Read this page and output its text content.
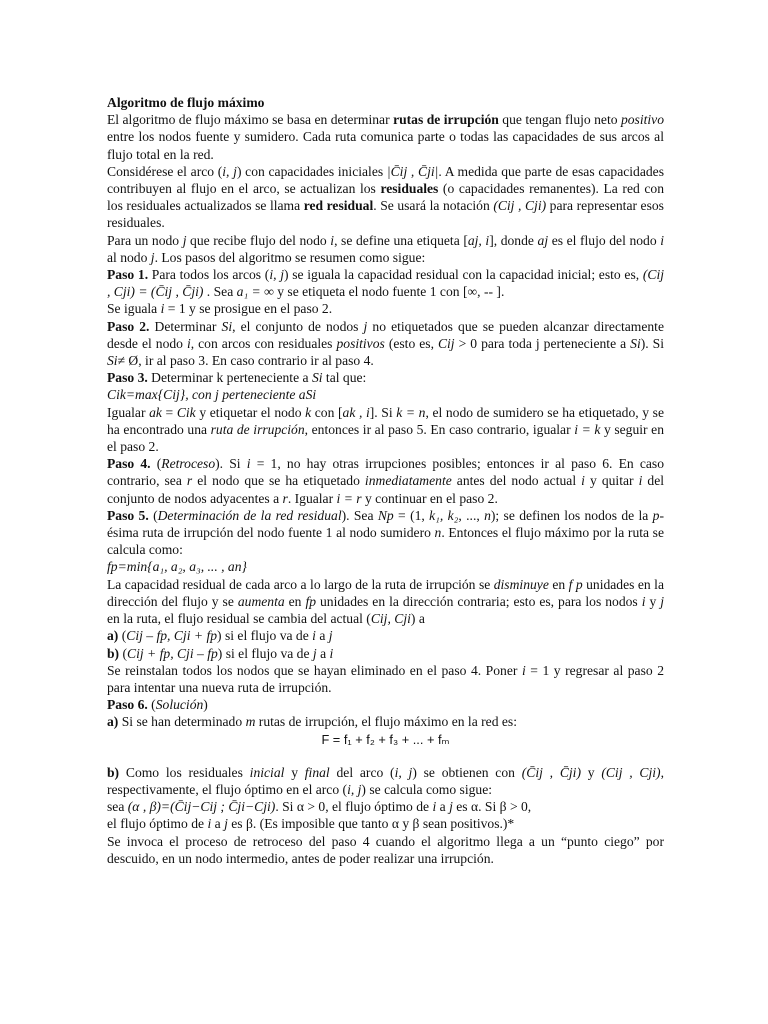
Algoritmo de flujo máximo

El algoritmo de flujo máximo se basa en determinar rutas de irrupción que tengan flujo neto positivo entre los nodos fuente y sumidero. Cada ruta comunica parte o todas las capacidades de sus arcos al flujo total en la red.

Considérese el arco (i, j) con capacidades iniciales |C̄ij , C̄ji|. A medida que parte de esas capacidades contribuyen al flujo en el arco, se actualizan los residuales (o capacidades remanentes). La red con los residuales actualizados se llama red residual. Se usará la notación (Cij , Cji) para representar esos residuales.

Para un nodo j que recibe flujo del nodo i, se define una etiqueta [aj, i], donde aj es el flujo del nodo i al nodo j. Los pasos del algoritmo se resumen como sigue:

Paso 1. Para todos los arcos (i, j) se iguala la capacidad residual con la capacidad inicial; esto es, (Cij , Cji) = (C̄ij , C̄ji) . Sea a₁ = ∞ y se etiqueta el nodo fuente 1 con [∞, -- ].

Se iguala i = 1 y se prosigue en el paso 2.

Paso 2. Determinar Si, el conjunto de nodos j no etiquetados que se pueden alcanzar directamente desde el nodo i, con arcos con residuales positivos (esto es, Cij > 0 para toda j perteneciente a Si). Si Si≠ Ø, ir al paso 3. En caso contrario ir al paso 4.

Paso 3. Determinar k perteneciente a Si tal que:

Cik=max{Cij}, con j perteneciente aSi

Igualar ak = Cik y etiquetar el nodo k con [ak , i]. Si k = n, el nodo de sumidero se ha etiquetado, y se ha encontrado una ruta de irrupción, entonces ir al paso 5. En caso contrario, igualar i = k y seguir en el paso 2.

Paso 4. (Retroceso). Si i = 1, no hay otras irrupciones posibles; entonces ir al paso 6. En caso contrario, sea r el nodo que se ha etiquetado inmediatamente antes del nodo actual i y quitar i del conjunto de nodos adyacentes a r. Igualar i = r y continuar en el paso 2.

Paso 5. (Determinación de la red residual). Sea Np = (1, k₁, k₂, ..., n); se definen los nodos de la p-ésima ruta de irrupción del nodo fuente 1 al nodo sumidero n. Entonces el flujo máximo por la ruta se calcula como:

fp=min{a₁, a₂, a₃, ... , an}

La capacidad residual de cada arco a lo largo de la ruta de irrupción se disminuye en f p unidades en la dirección del flujo y se aumenta en fp unidades en la dirección contraria; esto es, para los nodos i y j en la ruta, el flujo residual se cambia del actual (Cij, Cji) a

a) (Cij – fp, Cji + fp) si el flujo va de i a j

b) (Cij + fp, Cji – fp) si el flujo va de j a i

Se reinstalan todos los nodos que se hayan eliminado en el paso 4. Poner i = 1 y regresar al paso 2 para intentar una nueva ruta de irrupción.

Paso 6. (Solución)

a) Si se han determinado m rutas de irrupción, el flujo máximo en la red es:

F = f₁ + f₂ + f₃ + ... + fₘ

b) Como los residuales inicial y final del arco (i, j) se obtienen con (C̄ij , C̄ji) y (Cij , Cji), respectivamente, el flujo óptimo en el arco (i, j) se calcula como sigue:

sea (α , β)=(C̄ij−Cij ; C̄ji−Cji). Si α > 0, el flujo óptimo de i a j es α. Si β > 0,

el flujo óptimo de i a j es β. (Es imposible que tanto α y β sean positivos.)*

Se invoca el proceso de retroceso del paso 4 cuando el algoritmo llega a un “punto ciego” por descuido, en un nodo intermedio, antes de poder realizar una irrupción.
